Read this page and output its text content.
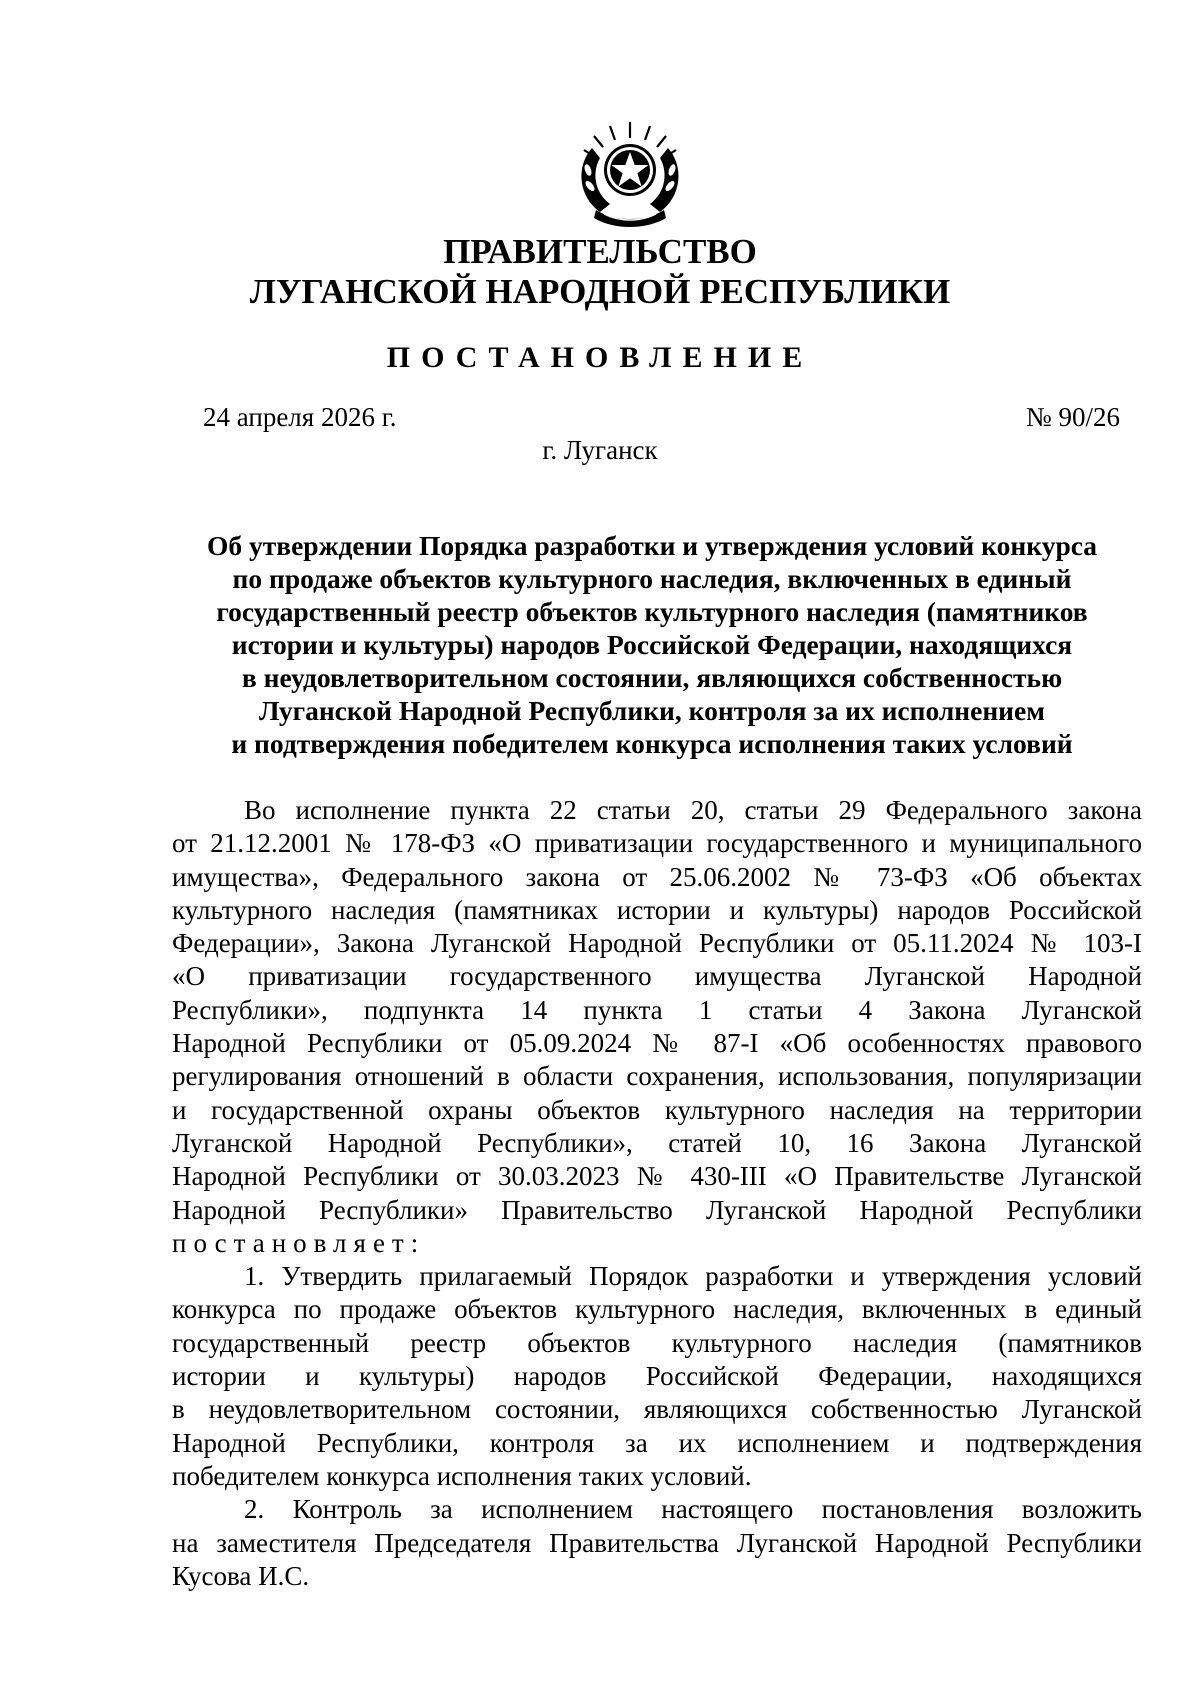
ПРАВИТЕЛЬСТВО
ЛУГАНСКОЙ НАРОДНОЙ РЕСПУБЛИКИ
ПОСТАНОВЛЕНИЕ
24 апреля 2026 г.	№ 90/26
г. Луганск
Об утверждении Порядка разработки и утверждения условий конкурса
по продаже объектов культурного наследия, включенных в единый
государственный реестр объектов культурного наследия (памятников
истории и культуры) народов Российской Федерации, находящихся
в неудовлетворительном состоянии, являющихся собственностью
Луганской Народной Республики, контроля за их исполнением
и подтверждения победителем конкурса исполнения таких условий
Во исполнение пункта 22 статьи 20, статьи 29 Федерального закона
от 21.12.2001 № 178-ФЗ «О приватизации государственного и муниципального
имущества», Федерального закона от 25.06.2002 № 73-ФЗ «Об объектах
культурного наследия (памятниках истории и культуры) народов Российской
Федерации», Закона Луганской Народной Республики от 05.11.2024 № 103-I
«О приватизации государственного имущества Луганской Народной
Республики», подпункта 14 пункта 1 статьи 4 Закона Луганской
Народной Республики от 05.09.2024 № 87-I «Об особенностях правового
регулирования отношений в области сохранения, использования, популяризации
и государственной охраны объектов культурного наследия на территории
Луганской Народной Республики», статей 10, 16 Закона Луганской
Народной Республики от 30.03.2023 № 430-III «О Правительстве Луганской
Народной Республики» Правительство Луганской Народной Республики
постановляет:
1. Утвердить прилагаемый Порядок разработки и утверждения условий
конкурса по продаже объектов культурного наследия, включенных в единый
государственный реестр объектов культурного наследия (памятников
истории и культуры) народов Российской Федерации, находящихся
в неудовлетворительном состоянии, являющихся собственностью Луганской
Народной Республики, контроля за их исполнением и подтверждения
победителем конкурса исполнения таких условий.
2. Контроль за исполнением настоящего постановления возложить
на заместителя Председателя Правительства Луганской Народной Республики
Кусова И.С.
